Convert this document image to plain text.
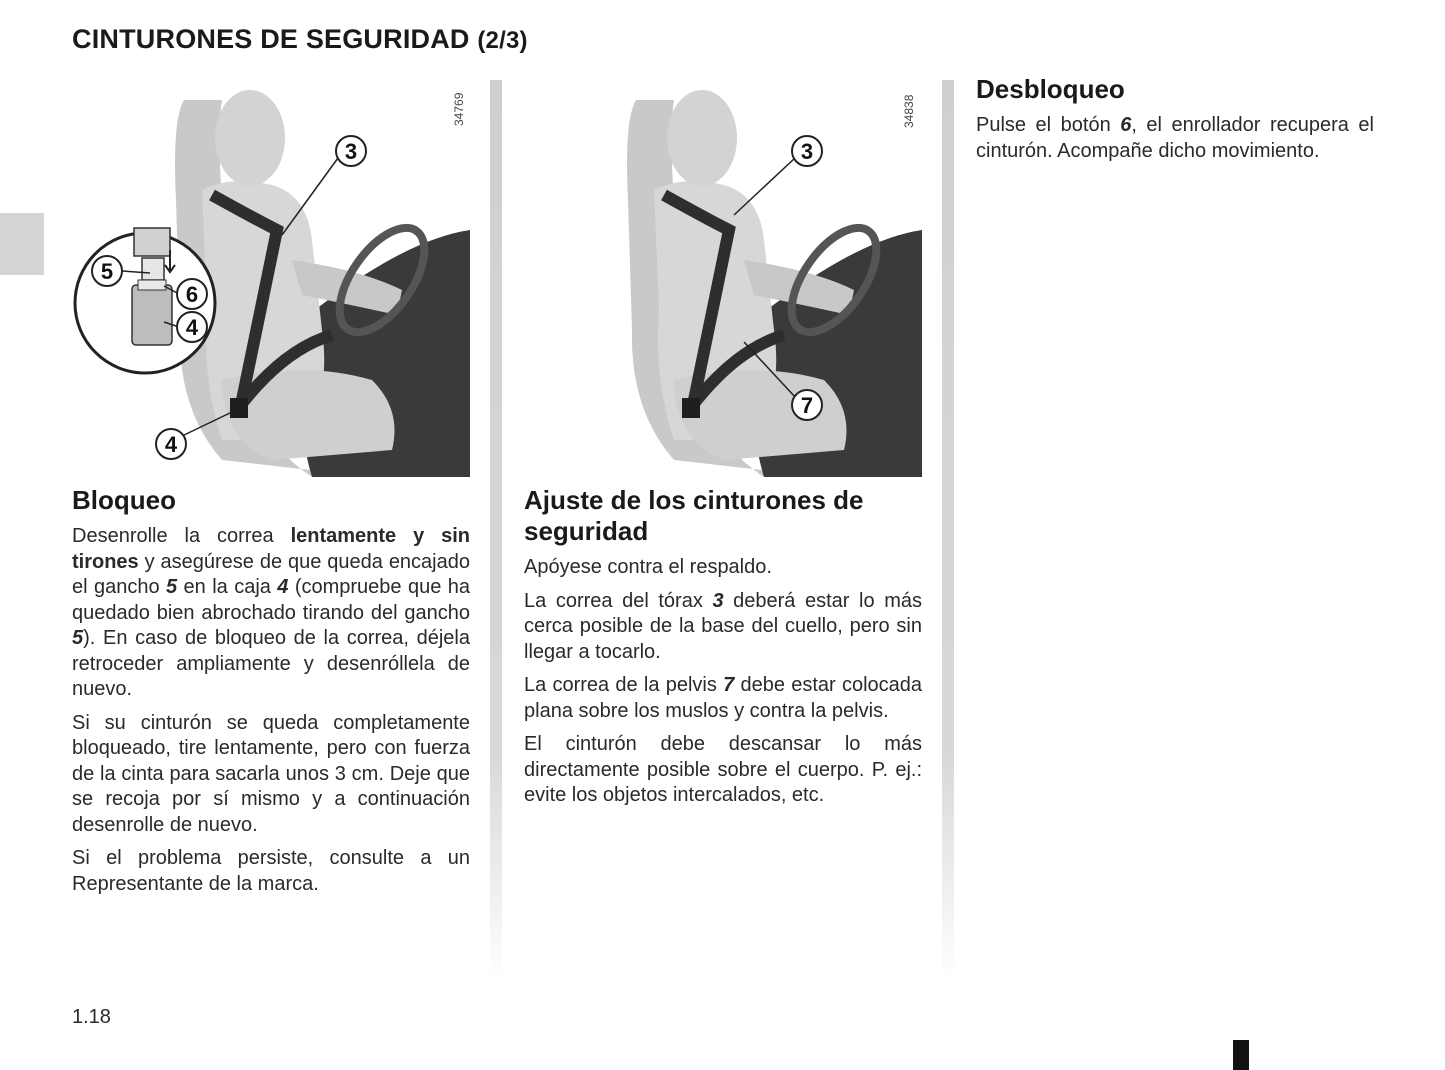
CINTURONES DE SEGURIDAD (2/3)
3
5
6
4
4
34769
Bloqueo

Desenrolle la correa lentamente y sin tirones y asegúrese de que queda encajado el gancho 5 en la caja 4 (compruebe que ha quedado bien abrochado tirando del gancho 5). En caso de bloqueo de la correa, déjela retroceder ampliamente y desenróllela de nuevo.

Si su cinturón se queda completamente bloqueado, tire lentamente, pero con fuerza de la cinta para sacarla unos 3 cm. Deje que se recoja por sí mismo y a continuación desenrolle de nuevo.

Si el problema persiste, consulte a un Representante de la marca.

3
7
34838
Ajuste de los cinturones de seguridad

Apóyese contra el respaldo.

La correa del tórax 3 deberá estar lo más cerca posible de la base del cuello, pero sin llegar a tocarlo.

La correa de la pelvis 7 debe estar colocada plana sobre los muslos y contra la pelvis.

El cinturón debe descansar lo más directamente posible sobre el cuerpo. P. ej.: evite los objetos intercalados, etc.

Desbloqueo

Pulse el botón 6, el enrollador recupera el cinturón. Acompañe dicho movimiento.

1.18
